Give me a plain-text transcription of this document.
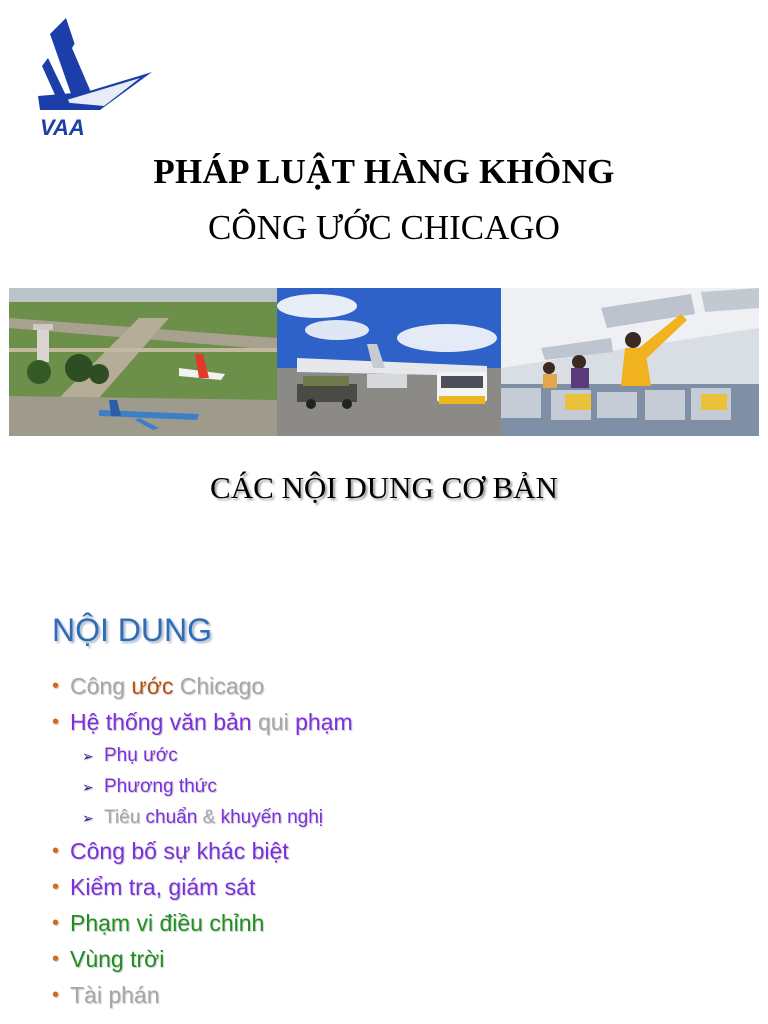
VAA
PHÁP LUẬT HÀNG KHÔNG
CÔNG ƯỚC CHICAGO
CÁC NỘI DUNG CƠ BẢN
NỘI DUNG
• Công ước Chicago
• Hệ thống văn bản qui phạm
➢ Phụ ước
➢ Phương thức
➢ Tiêu chuẩn & khuyến nghị
• Công bố sự khác biệt
• Kiểm tra, giám sát
• Phạm vi điều chỉnh
• Vùng trời
• Tài phán
